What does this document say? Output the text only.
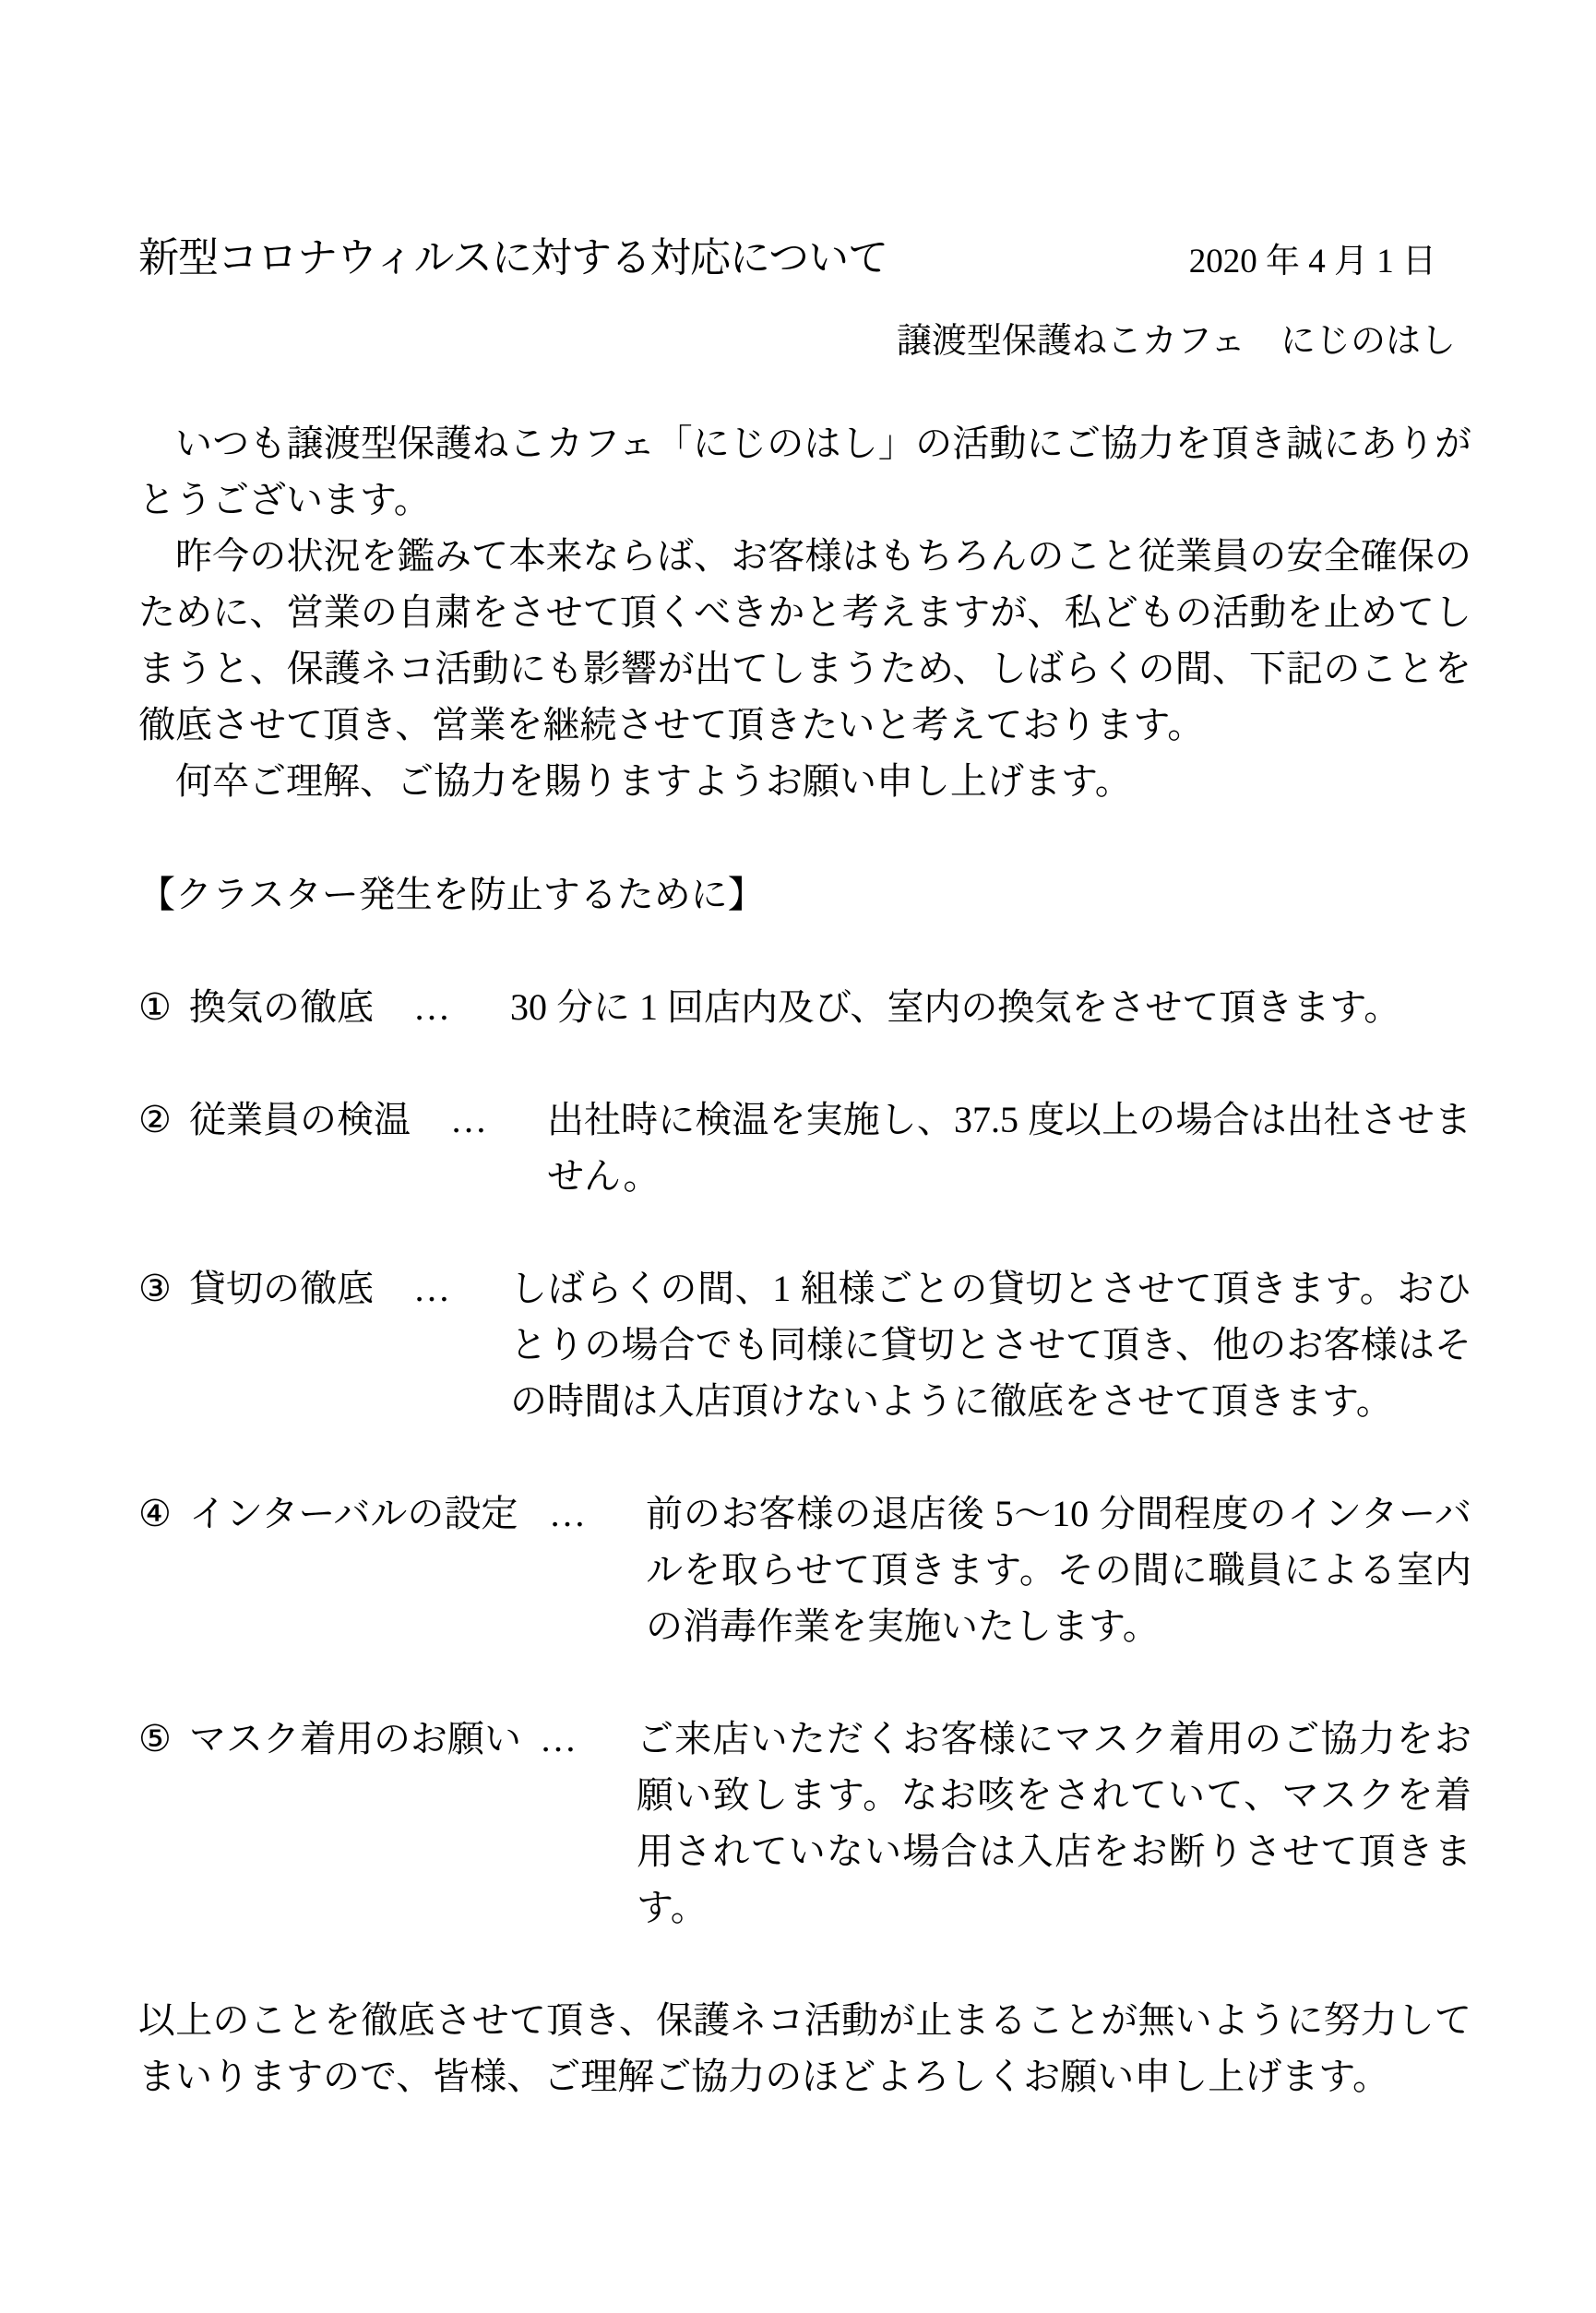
新型コロナウィルスに対する対応について	2020 年 4 月 1 日
譲渡型保護ねこカフェ　にじのはし

いつも譲渡型保護ねこカフェ「にじのはし」の活動にご協力を頂き誠にありがとうございます。

昨今の状況を鑑みて本来ならば、お客様はもちろんのこと従業員の安全確保のために、営業の自粛をさせて頂くべきかと考えますが、私どもの活動を止めてしまうと、保護ネコ活動にも影響が出てしまうため、しばらくの間、下記のことを徹底させて頂き、営業を継続させて頂きたいと考えております。

何卒ご理解、ご協力を賜りますようお願い申し上げます。

【クラスター発生を防止するために】
① 換気の徹底 … 30 分に 1 回店内及び、室内の換気をさせて頂きます。
② 従業員の検温 … 出社時に検温を実施し、37.5 度以上の場合は出社させません。
③ 貸切の徹底 … しばらくの間、1 組様ごとの貸切とさせて頂きます。おひとりの場合でも同様に貸切とさせて頂き、他のお客様はその時間は入店頂けないように徹底をさせて頂きます。
④ インターバルの設定 … 前のお客様の退店後 5～10 分間程度のインターバルを取らせて頂きます。その間に職員による室内の消毒作業を実施いたします。
⑤ マスク着用のお願い … ご来店いただくお客様にマスク着用のご協力をお願い致します。なお咳をされていて、マスクを着用されていない場合は入店をお断りさせて頂きます。

以上のことを徹底させて頂き、保護ネコ活動が止まることが無いように努力してまいりますので、皆様、ご理解ご協力のほどよろしくお願い申し上げます。
